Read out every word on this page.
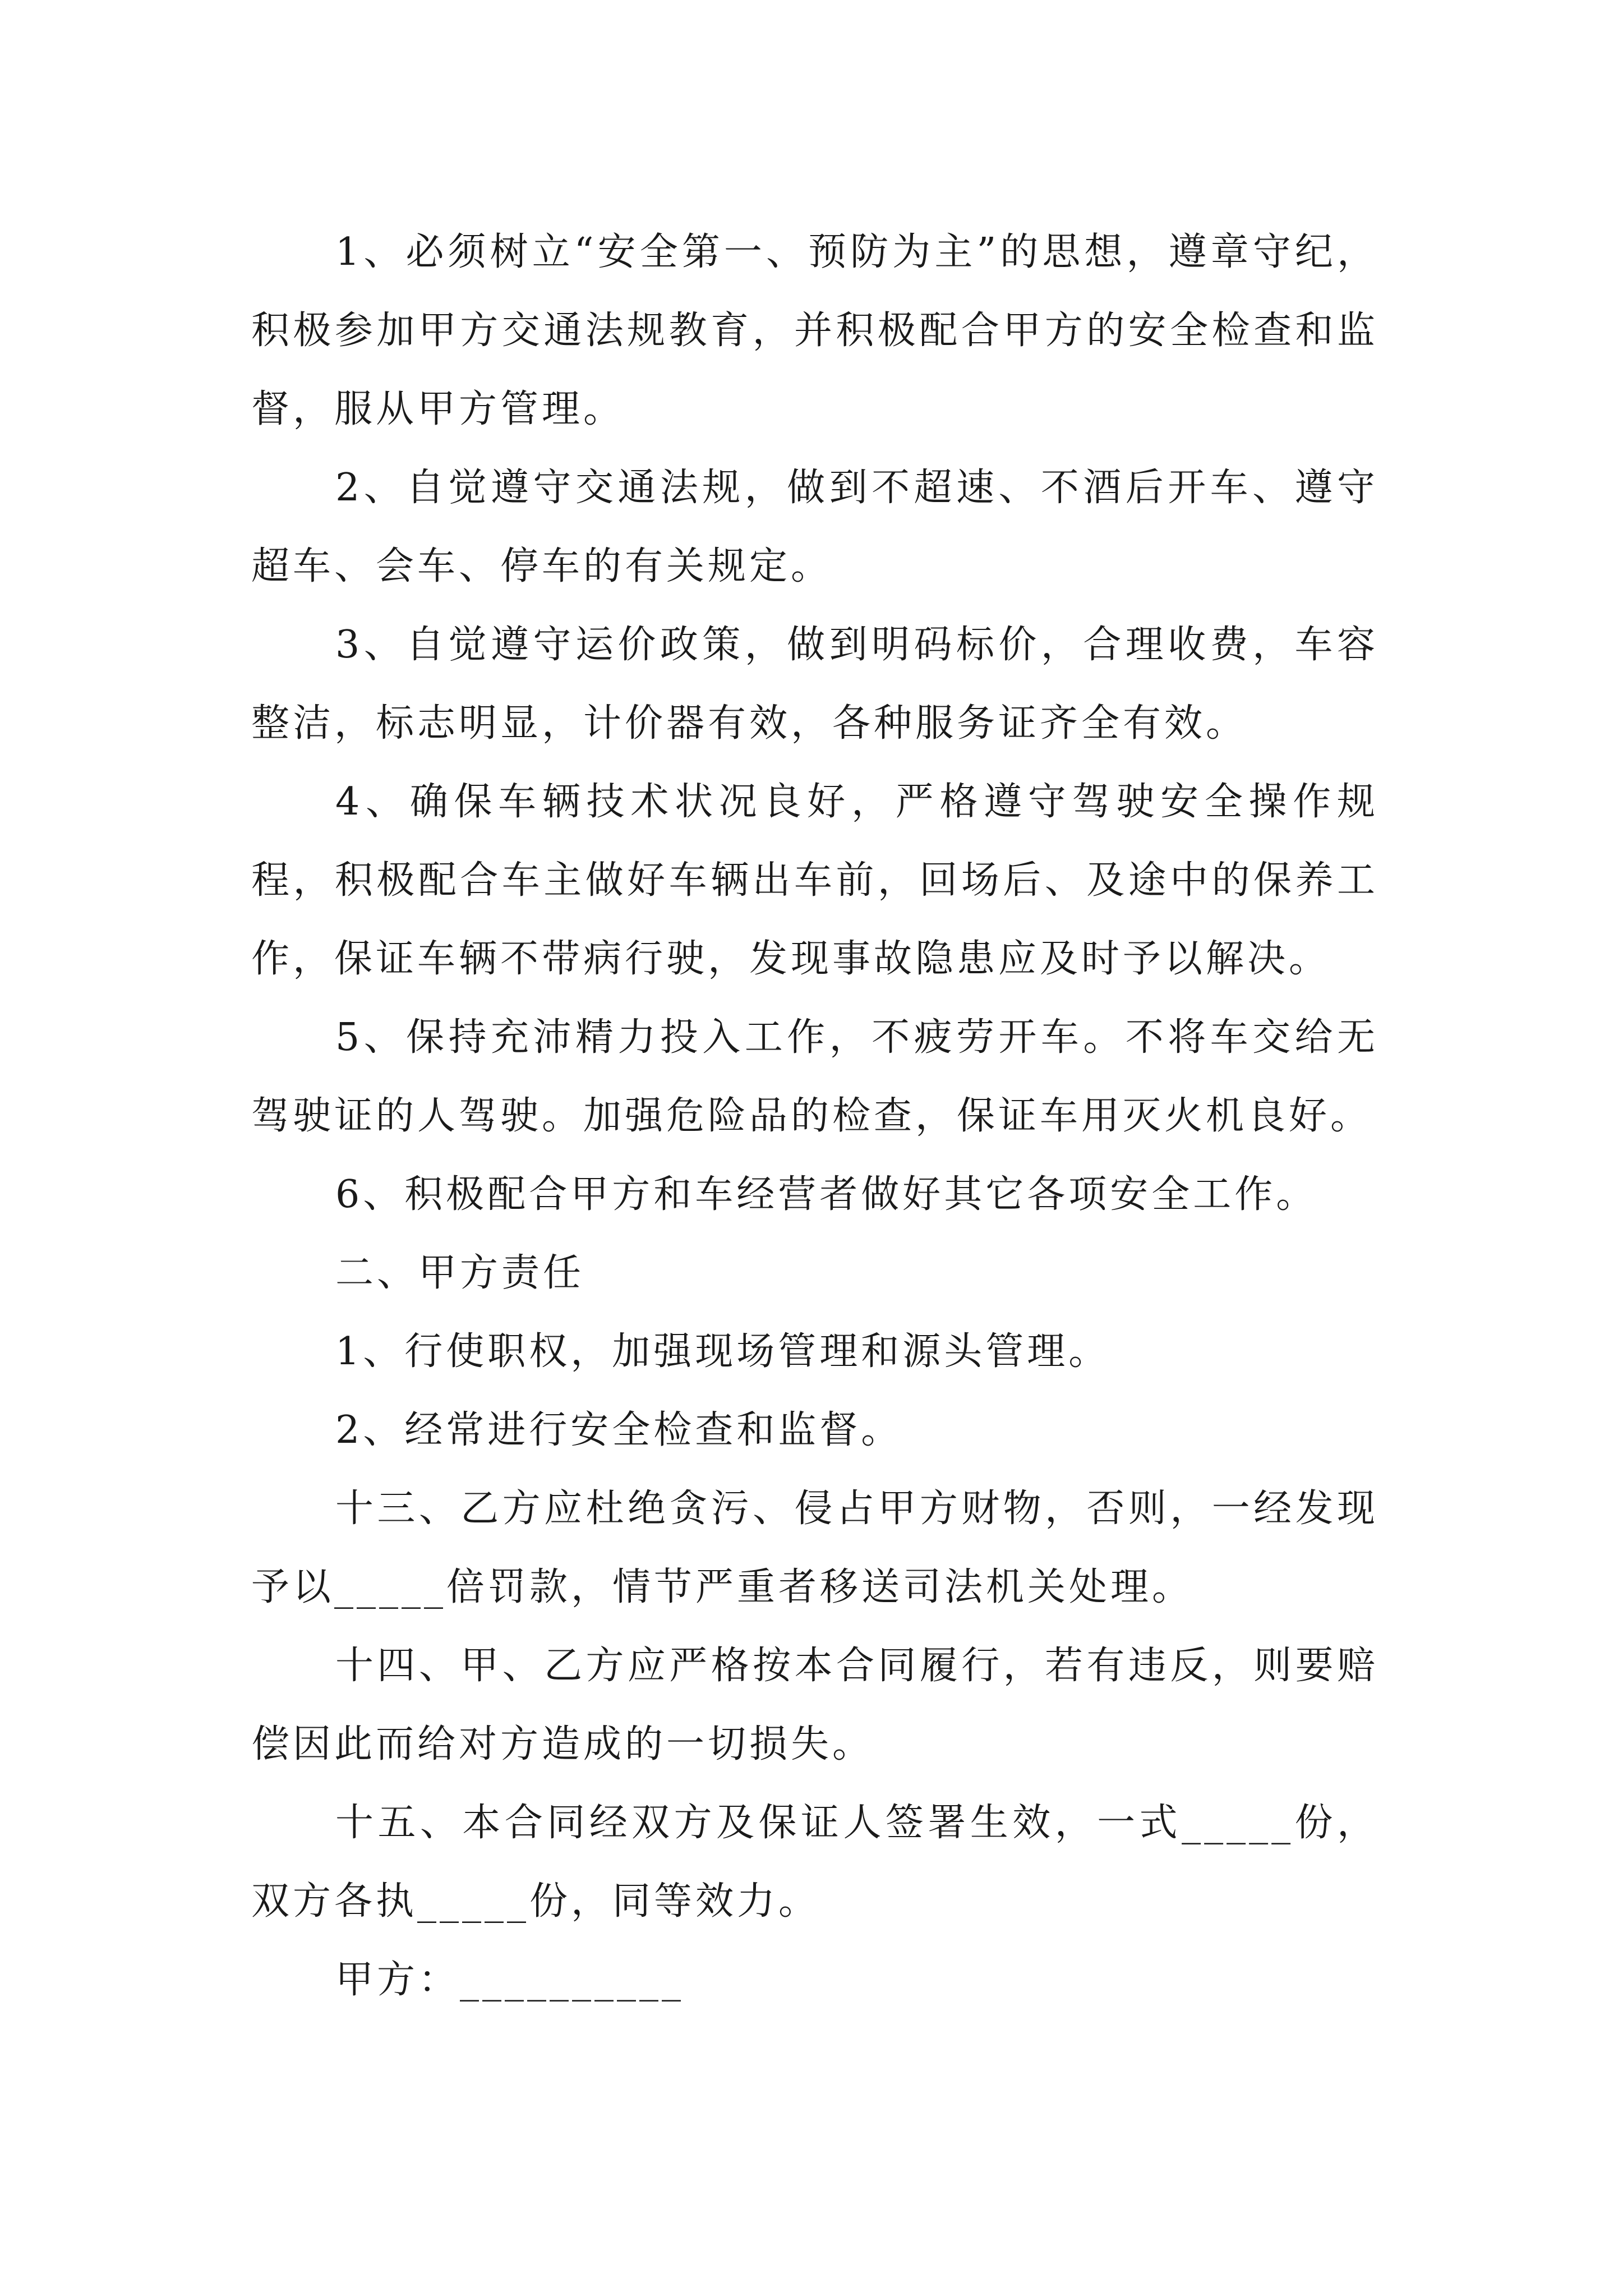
1、必须树立“安全第一、预防为主”的思想，遵章守纪，积极参加甲方交通法规教育，并积极配合甲方的安全检查和监督，服从甲方管理。

2、自觉遵守交通法规，做到不超速、不酒后开车、遵守超车、会车、停车的有关规定。

3、自觉遵守运价政策，做到明码标价，合理收费，车容整洁，标志明显，计价器有效，各种服务证齐全有效。

4、确保车辆技术状况良好，严格遵守驾驶安全操作规程，积极配合车主做好车辆出车前，回场后、及途中的保养工作，保证车辆不带病行驶，发现事故隐患应及时予以解决。

5、保持充沛精力投入工作，不疲劳开车。不将车交给无驾驶证的人驾驶。加强危险品的检查，保证车用灭火机良好。

6、积极配合甲方和车经营者做好其它各项安全工作。

二、甲方责任

1、行使职权，加强现场管理和源头管理。

2、经常进行安全检查和监督。

十三、乙方应杜绝贪污、侵占甲方财物，否则，一经发现予以_____倍罚款，情节严重者移送司法机关处理。

十四、甲、乙方应严格按本合同履行，若有违反，则要赔偿因此而给对方造成的一切损失。

十五、本合同经双方及保证人签署生效，一式_____份，双方各执_____份，同等效力。

甲方：__________
